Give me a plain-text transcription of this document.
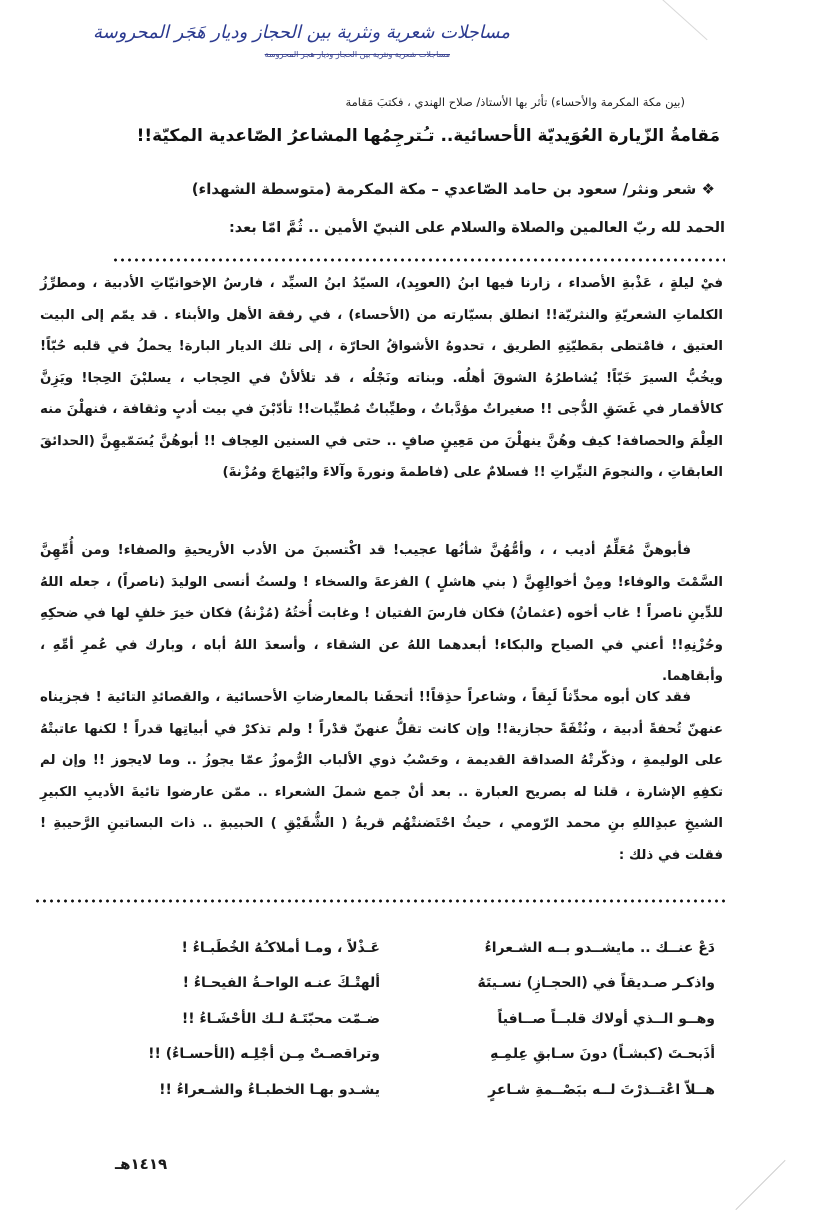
مساجلات شعرية ونثرية بين الحجاز وديار هَجَر المحروسة
مساجلات شعرية ونثرية بين الحجاز وديار هجر المحروسة
(بين مكة المكرمة والأحساء) تأثر بها الأستاذ/ صلاح الهندي ، فكتبَ مَقامة
مَقامةُ الزّيارة العُوَيديّة الأحسائية.. تـُترجِمُها المشاعرُ الصّاعدية المكيّة!!
❖ شعر ونثر/ سعود بن حامد الصّاعدي – مكة المكرمة (متوسطة الشهداء)
الحمد لله ربّ العالمين والصلاة والسلام على النبيّ الأمين .. ثُمَّ امّا بعد:

فيْ ليلةٍ ، عَذْبةِ الأصداء ، زارنا فيها ابنُ (العويِد)، السيّدُ ابنُ السيِّد ، فارسُ الإخوانيّاتِ الأدبية ، ومطرِّزُ الكلماتِ الشعريّةِ والنثريّة!! انطلق بسيّارته من (الأحساء) ، في رفقة الأهل والأبناء . قد يمّم إلى البيت العتيق ، فامْتطى بمَطيّتِهِ الطريق ، تحدوهُ الأشواقُ الحارّة ، إلى تلك الديار البارة! يحملُ في قلبه حُبّاً! ويخُبُّ السيرَ خَبّاً! يُشاطرُهُ الشوقَ أهلُه. وبناته ونَجْلُه ، قد تلألأنْ في الحِجاب ، يسلبْنَ الحِجا! ويَزِنَّ كالأقمار في غَسَقِ الدُّجى !! صغيراتٌ مؤدَّباتٌ ، وطيِّباتٌ مُطيِّبات!! تأدّبْنَ في بيت أدبٍ وثقافة ، فنهلْنَ منه العِلْمَ والحصافة! كيف وهُنَّ ينهلْنَ من مَعِينٍ صافٍ .. حتى في السنين العِجاف !! أبوهُنَّ يُسَمّيهِنَّ (الحدائقَ العابقاتِ ، والنجومَ النيِّراتِ !! فسلامٌ على (فاطمةَ ونورةَ وآلاءَ وابْتِهاجَ ومُزْنةَ)

فأبوهنَّ مُعَلِّمٌ أديب ، ، وأمُّهُنَّ شأنُها عجيب! قد اكْتسبنَ من الأدب الأريحيةِ والصفاء! ومن أُمِّهِنَّ السَّمْتَ والوفاء! ومِنْ أخوالِهِنَّ ( بني هاشلٍ ) الفزعةَ والسخاء ! ولستُ أنسى الوليدَ (ناصراً) ، جعله اللهُ للدِّينِ ناصراً ! غاب أخوه (عثمانُ) فكان فارسَ الفتيان ! وغابت أُختُهُ (مُزْنةُ) فكان خيرَ خلفٍ لها في ضحكِهِ وحُزْنِهِ!! أعني في الصياح والبكاء! أبعدهما اللهُ عن الشقاء ، وأسعدَ اللهُ أباه ، وبارك في عُمرِ أمِّهِ ، وأبقاهما.

فقد كان أبوه محدِّثاً لَبِقاً ، وشاعراً حذِقاً!! أتحفَنا بالمعارضاتِ الأحسائية ، والقصائدِ التائية ! فجزيناه عنهنّ تُحفةً أدبية ، ونُتْفَةً حجازية!! وإن كانت تقلُّ عنهنّ قدْراً ! ولم تذكرْ في أبياتِها قدراً ! لكنها عاتبتْهُ على الوليمةِ ، وذكّرتْهُ الصداقة القديمة ، وحَسْبُ ذوي الألباب الرُّموزُ عمّا يجوزُ .. وما لايجوز !! وإن لم تكفِهِ الإشارة ، قلنا له بصريح العبارة .. بعد أنْ جمع شملَ الشعراء .. ممّن عارضوا تائيةَ الأديبِ الكبيرِ الشيخِ عبدِاللهِ بنِ محمد الرّومي ، حيثُ احْتَضنتْهُم قريةُ ( الشُّقَيْقِ ) الحبيبةِ .. ذات البساتينِ الرَّحيبةِ ! فقلت في ذلك :

دَعْ عنــك .. مايشــدو بــه الشـعراءُ
عَـذْلاً ، ومـا أملاكـُهُ الخُطَبـاءُ !
واذكـر صـديقاً في (الحجـازِ) نسـيتَهُ
ألهتْـكَ عنـه الواحـةُ الفيحـاءُ !
وهــو الــذي أولاك قلبــاً صــافياً
ضـمّت محبّتَـهُ لـك الأحْشَـاءُ !!
أذَبحـتَ (كبشـاً) دونَ سـابقِ عِلمِـهِ
وتراقصـتْ مِـن أجْلِـه (الأحسـاءُ) !!
هــلاّ اعْتــذرْتَ لــه ببَصْــمةِ شـاعرٍ
يشـدو بهـا الخطبـاءُ والشـعراءُ !!
١٤١٩هـ
